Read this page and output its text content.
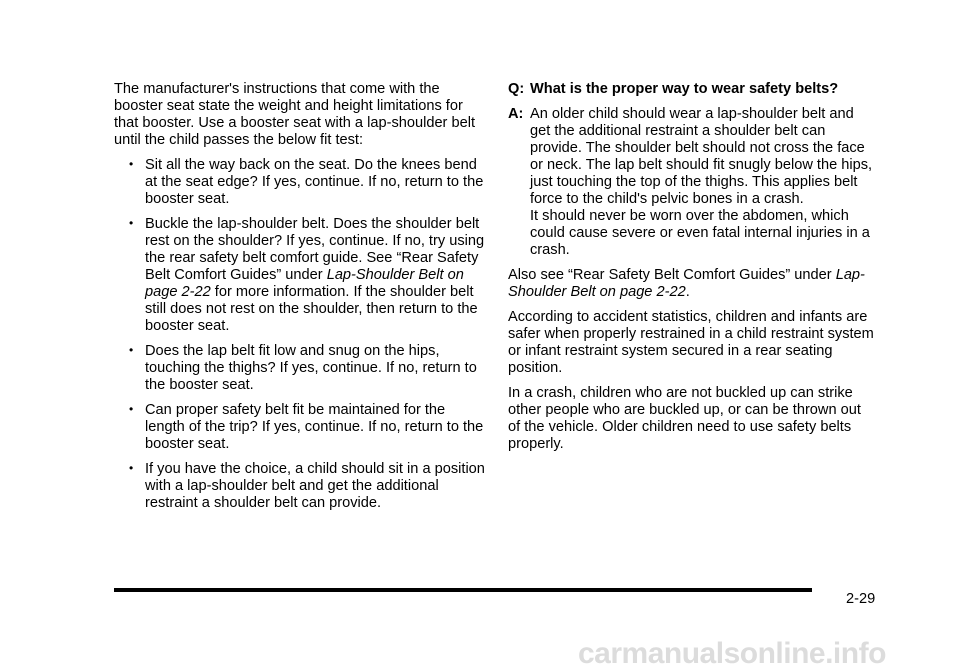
The manufacturer's instructions that come with the booster seat state the weight and height limitations for that booster. Use a booster seat with a lap-shoulder belt until the child passes the below fit test:

• Sit all the way back on the seat. Do the knees bend at the seat edge? If yes, continue. If no, return to the booster seat.
• Buckle the lap-shoulder belt. Does the shoulder belt rest on the shoulder? If yes, continue. If no, try using the rear safety belt comfort guide. See “Rear Safety Belt Comfort Guides” under Lap-Shoulder Belt on page 2-22 for more information. If the shoulder belt still does not rest on the shoulder, then return to the booster seat.
• Does the lap belt fit low and snug on the hips, touching the thighs? If yes, continue. If no, return to the booster seat.
• Can proper safety belt fit be maintained for the length of the trip? If yes, continue. If no, return to the booster seat.
• If you have the choice, a child should sit in a position with a lap-shoulder belt and get the additional restraint a shoulder belt can provide.
Q: What is the proper way to wear safety belts?
A: An older child should wear a lap-shoulder belt and get the additional restraint a shoulder belt can provide. The shoulder belt should not cross the face or neck. The lap belt should fit snugly below the hips, just touching the top of the thighs. This applies belt force to the child's pelvic bones in a crash.
It should never be worn over the abdomen, which could cause severe or even fatal internal injuries in a crash.

Also see “Rear Safety Belt Comfort Guides” under Lap-Shoulder Belt on page 2-22.

According to accident statistics, children and infants are safer when properly restrained in a child restraint system or infant restraint system secured in a rear seating position.

In a crash, children who are not buckled up can strike other people who are buckled up, or can be thrown out of the vehicle. Older children need to use safety belts properly.

2-29
carmanualsonline.info
